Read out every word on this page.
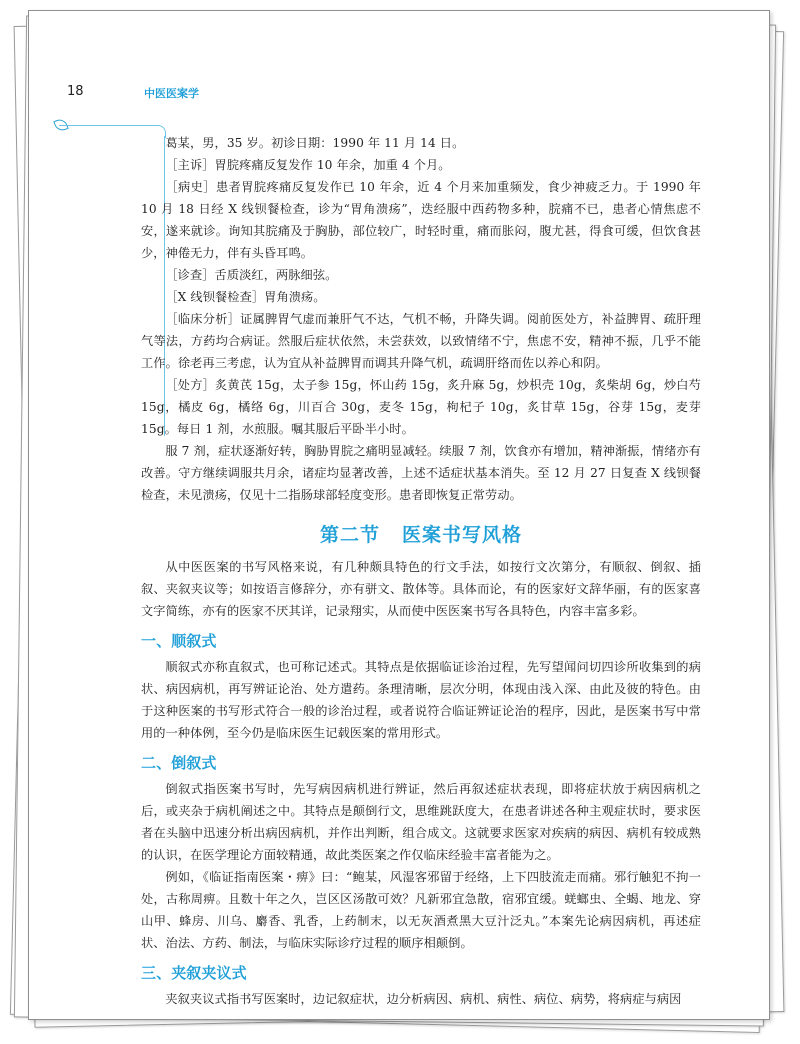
18	中医医案学

葛某，男，35 岁。初诊日期：1990 年 11 月 14 日。

［主诉］胃脘疼痛反复发作 10 年余，加重 4 个月。

［病史］患者胃脘疼痛反复发作已 10 年余，近 4 个月来加重频发，食少神疲乏力。于 1990 年 10 月 18 日经 X 线钡餐检查，诊为“胃角溃疡”，迭经服中西药物多种，脘痛不已，患者心情焦虑不安，遂来就诊。询知其脘痛及于胸胁，部位较广，时轻时重，痛而胀闷，腹尤甚，得食可缓，但饮食甚少，神倦无力，伴有头昏耳鸣。

［诊查］舌质淡红，两脉细弦。

［X 线钡餐检查］胃角溃疡。

［临床分析］证属脾胃气虚而兼肝气不达，气机不畅，升降失调。阅前医处方，补益脾胃、疏肝理气等法，方药均合病证。然服后症状依然，未尝获效，以致情绪不宁，焦虑不安，精神不振，几乎不能工作。徐老再三考虑，认为宜从补益脾胃而调其升降气机，疏调肝络而佐以养心和阴。

［处方］炙黄芪 15g，太子参 15g，怀山药 15g，炙升麻 5g，炒枳壳 10g，炙柴胡 6g，炒白芍 15g，橘皮 6g，橘络 6g，川百合 30g，麦冬 15g，枸杞子 10g，炙甘草 15g，谷芽 15g，麦芽 15g。每日 1 剂，水煎服。嘱其服后平卧半小时。

服 7 剂，症状逐渐好转，胸胁胃脘之痛明显减轻。续服 7 剂，饮食亦有增加，精神渐振，情绪亦有改善。守方继续调服共月余，诸症均显著改善，上述不适症状基本消失。至 12 月 27 日复查 X 线钡餐检查，未见溃疡，仅见十二指肠球部轻度变形。患者即恢复正常劳动。

第二节 医案书写风格

从中医医案的书写风格来说，有几种颇具特色的行文手法，如按行文次第分，有顺叙、倒叙、插叙、夹叙夹议等；如按语言修辞分，亦有骈文、散体等。具体而论，有的医家好文辞华丽，有的医家喜文字简练，亦有的医家不厌其详，记录翔实，从而使中医医案书写各具特色，内容丰富多彩。

一、顺叙式

顺叙式亦称直叙式，也可称记述式。其特点是依据临证诊治过程，先写望闻问切四诊所收集到的病状、病因病机，再写辨证论治、处方遣药。条理清晰，层次分明，体现由浅入深、由此及彼的特色。由于这种医案的书写形式符合一般的诊治过程，或者说符合临证辨证论治的程序，因此，是医案书写中常用的一种体例，至今仍是临床医生记载医案的常用形式。

二、倒叙式

倒叙式指医案书写时，先写病因病机进行辨证，然后再叙述症状表现，即将症状放于病因病机之后，或夹杂于病机阐述之中。其特点是颠倒行文，思维跳跃度大，在患者讲述各种主观症状时，要求医者在头脑中迅速分析出病因病机，并作出判断，组合成文。这就要求医家对疾病的病因、病机有较成熟的认识，在医学理论方面较精通，故此类医案之作仅临床经验丰富者能为之。

例如，《临证指南医案・痹》曰：“鲍某，风湿客邪留于经络，上下四肢流走而痛。邪行触犯不拘一处，古称周痹。且数十年之久，岂区区汤散可效？凡新邪宜急散，宿邪宜缓。蜣螂虫、全蝎、地龙、穿山甲、蜂房、川乌、麝香、乳香，上药制末，以无灰酒煮黑大豆汁泛丸。”本案先论病因病机，再述症状、治法、方药、制法，与临床实际诊疗过程的顺序相颠倒。

三、夹叙夹议式

夹叙夹议式指书写医案时，边记叙症状，边分析病因、病机、病性、病位、病势，将病症与病因
